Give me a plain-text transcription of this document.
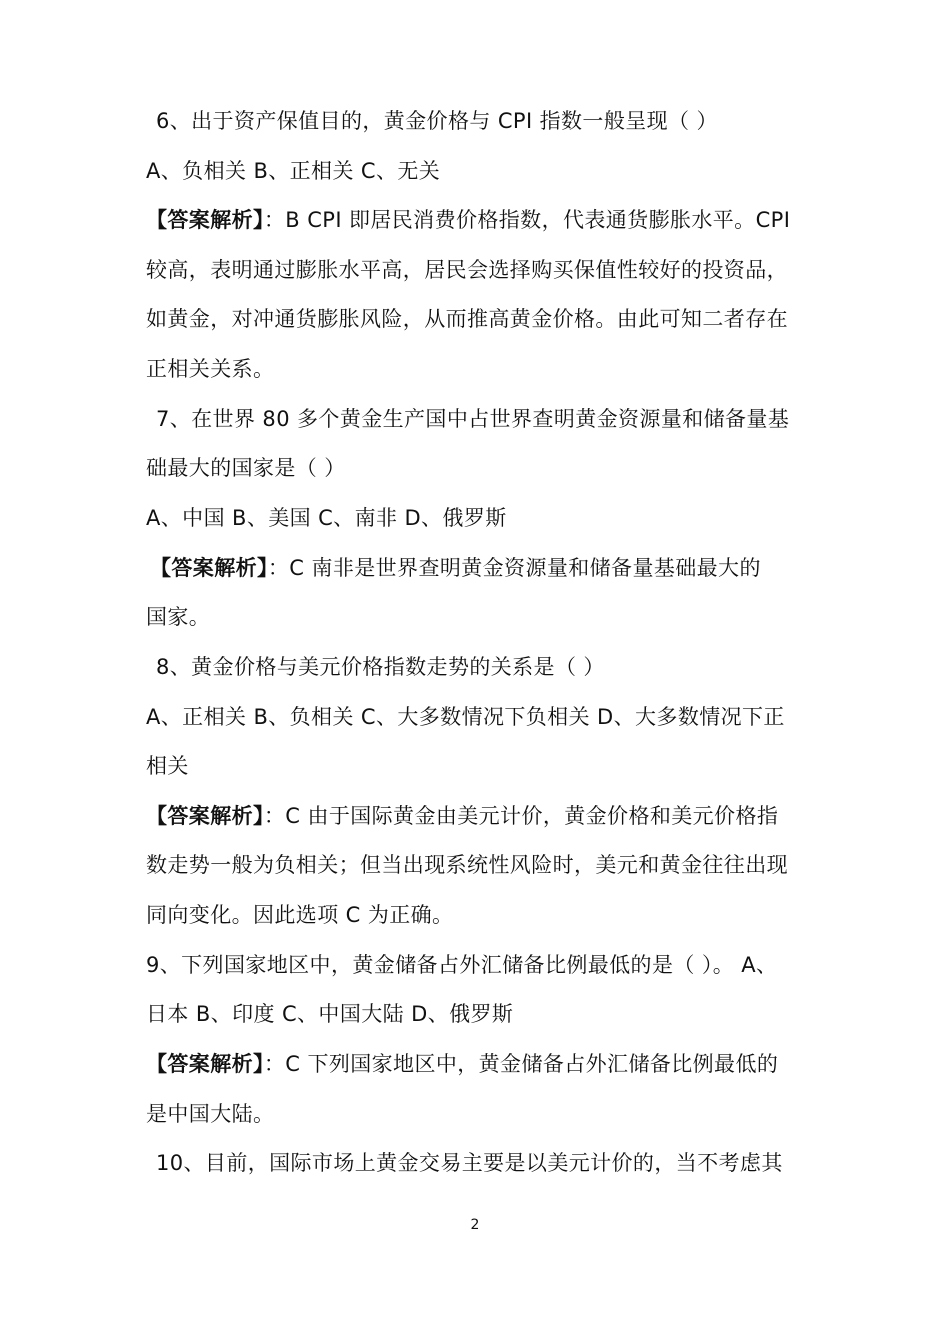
6、出于资产保值目的，黄金价格与 CPI 指数一般呈现（ ）
A、负相关 B、正相关 C、无关
【答案解析】：B CPI 即居民消费价格指数，代表通货膨胀水平。CPI
较高，表明通过膨胀水平高，居民会选择购买保值性较好的投资品，
如黄金，对冲通货膨胀风险，从而推高黄金价格。由此可知二者存在
正相关关系。
7、在世界 80 多个黄金生产国中占世界查明黄金资源量和储备量基
础最大的国家是（ ）
A、中国 B、美国 C、南非 D、俄罗斯
【答案解析】：C 南非是世界查明黄金资源量和储备量基础最大的
国家。
8、黄金价格与美元价格指数走势的关系是（ ）
A、正相关 B、负相关 C、大多数情况下负相关 D、大多数情况下正
相关
【答案解析】：C 由于国际黄金由美元计价，黄金价格和美元价格指
数走势一般为负相关；但当出现系统性风险时，美元和黄金往往出现
同向变化。因此选项 C 为正确。
9、下列国家地区中，黄金储备占外汇储备比例最低的是（ ）。 A、
日本 B、印度 C、中国大陆 D、俄罗斯
【答案解析】：C 下列国家地区中，黄金储备占外汇储备比例最低的
是中国大陆。
10、目前，国际市场上黄金交易主要是以美元计价的，当不考虑其
2
